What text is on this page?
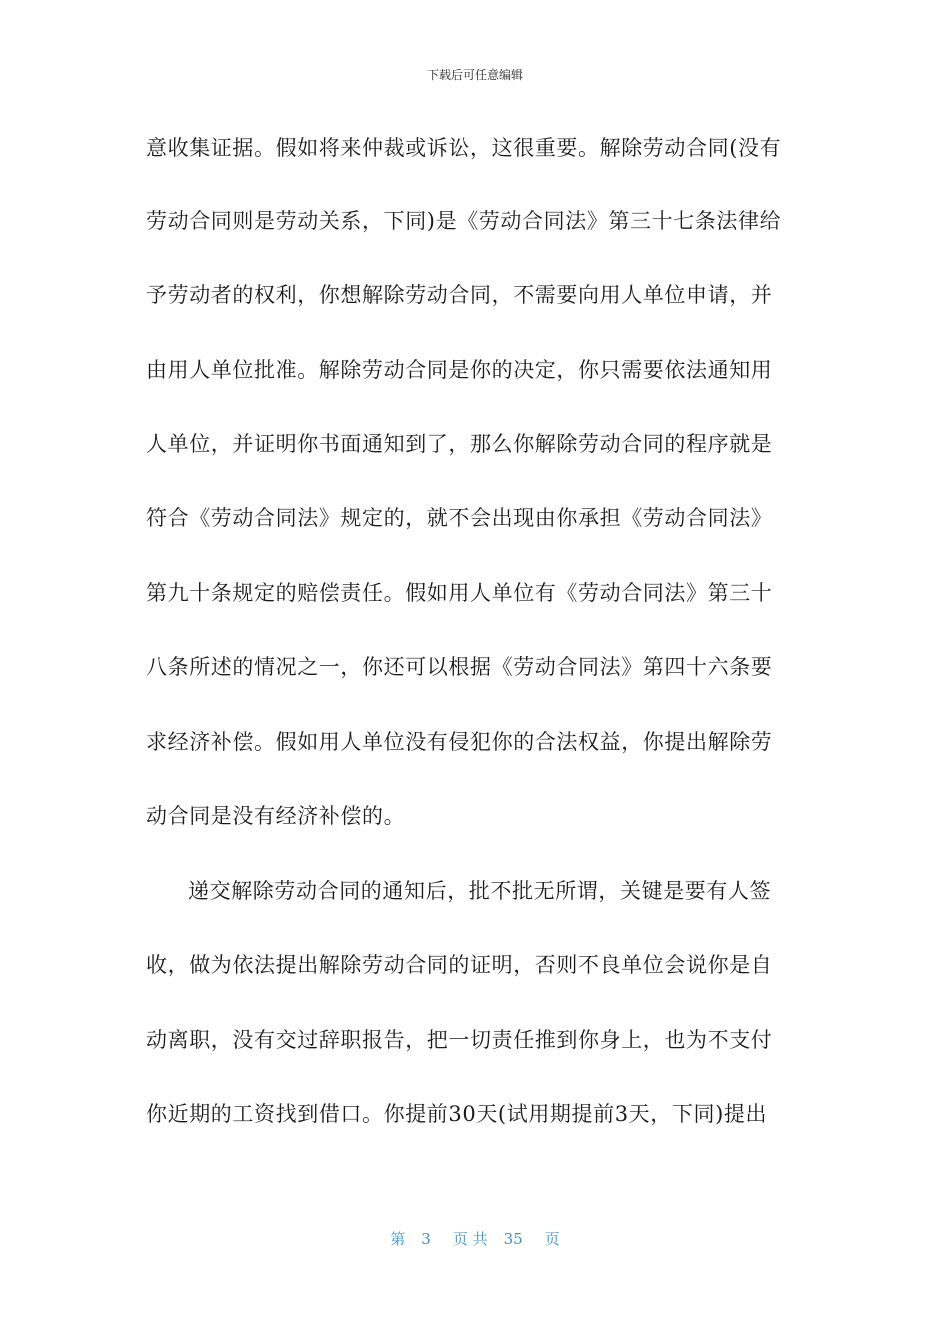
下载后可任意编辑
意收集证据。假如将来仲裁或诉讼，这很重要。解除劳动合同(没有
劳动合同则是劳动关系，下同)是《劳动合同法》第三十七条法律给
予劳动者的权利，你想解除劳动合同，不需要向用人单位申请，并
由用人单位批准。解除劳动合同是你的决定，你只需要依法通知用
人单位，并证明你书面通知到了，那么你解除劳动合同的程序就是
符合《劳动合同法》规定的，就不会出现由你承担《劳动合同法》
第九十条规定的赔偿责任。假如用人单位有《劳动合同法》第三十
八条所述的情况之一，你还可以根据《劳动合同法》第四十六条要
求经济补偿。假如用人单位没有侵犯你的合法权益，你提出解除劳
动合同是没有经济补偿的。
递交解除劳动合同的通知后，批不批无所谓，关键是要有人签
收，做为依法提出解除劳动合同的证明，否则不良单位会说你是自
动离职，没有交过辞职报告，把一切责任推到你身上，也为不支付
你近期的工资找到借口。你提前30天(试用期提前3天，下同)提出
第 3 页 共 35 页
